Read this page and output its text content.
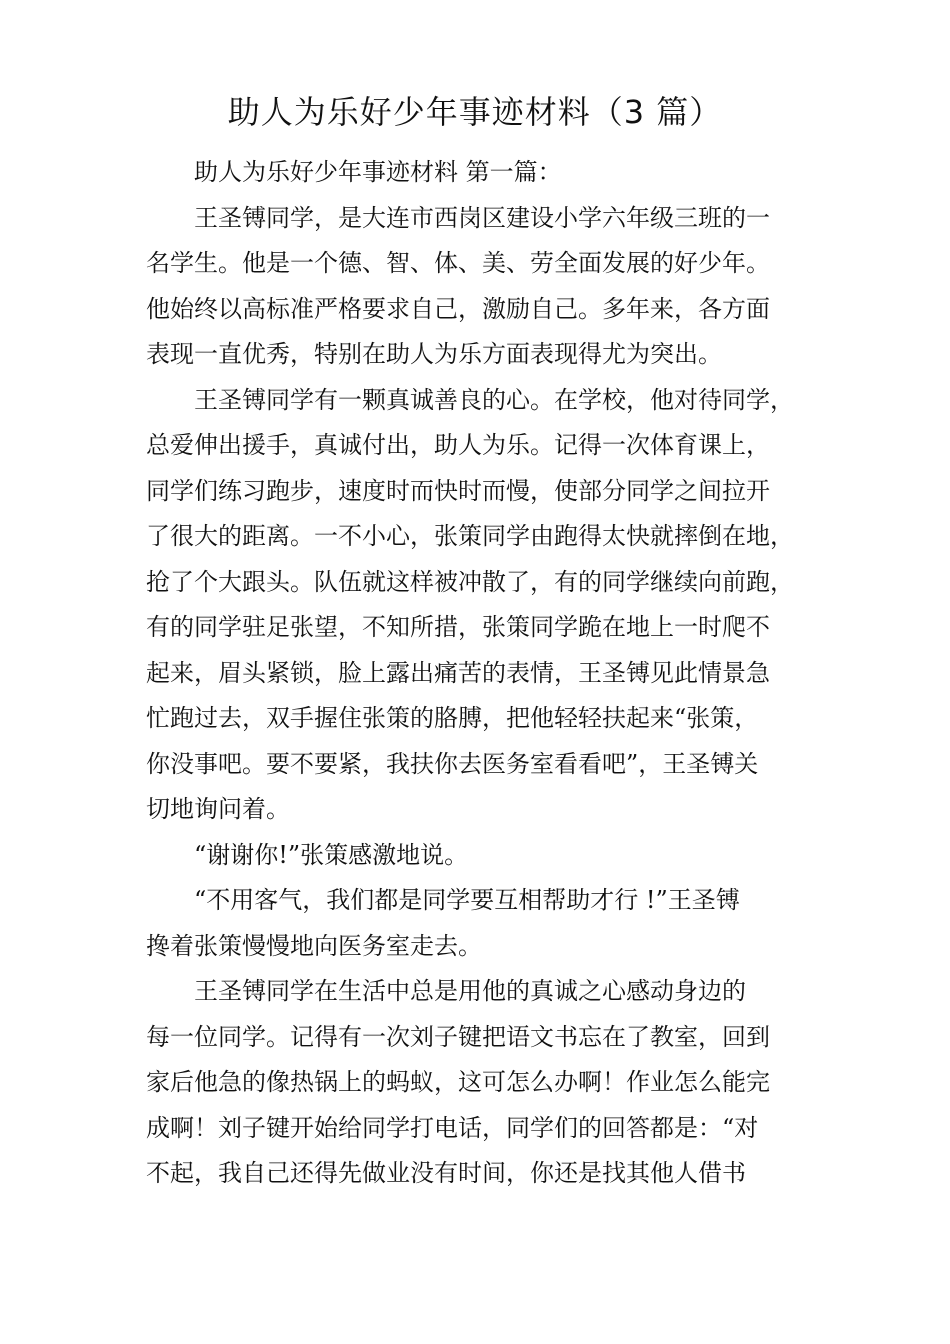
助人为乐好少年事迹材料（3 篇）

助人为乐好少年事迹材料 第一篇：

王圣镈同学，是大连市西岗区建设小学六年级三班的一
名学生。他是一个德、智、体、美、劳全面发展的好少年。
他始终以高标准严格要求自己，激励自己。多年来，各方面
表现一直优秀，特别在助人为乐方面表现得尤为突出。

王圣镈同学有一颗真诚善良的心。在学校，他对待同学，
总爱伸出援手，真诚付出，助人为乐。记得一次体育课上，
同学们练习跑步，速度时而快时而慢，使部分同学之间拉开
了很大的距离。一不小心，张策同学由跑得太快就摔倒在地，
抢了个大跟头。队伍就这样被冲散了，有的同学继续向前跑，
有的同学驻足张望，不知所措，张策同学跪在地上一时爬不
起来，眉头紧锁，脸上露出痛苦的表情，王圣镈见此情景急
忙跑过去，双手握住张策的胳膊，把他轻轻扶起来“张策，
你没事吧。要不要紧，我扶你去医务室看看吧”，王圣镈关
切地询问着。

“谢谢你!”张策感激地说。

“不用客气，我们都是同学要互相帮助才行 !”王圣镈
搀着张策慢慢地向医务室走去。

王圣镈同学在生活中总是用他的真诚之心感动身边的
每一位同学。记得有一次刘子键把语文书忘在了教室，回到
家后他急的像热锅上的蚂蚁，这可怎么办啊！作业怎么能完
成啊！刘子键开始给同学打电话，同学们的回答都是：“对
不起，我自己还得先做业没有时间，你还是找其他人借书
